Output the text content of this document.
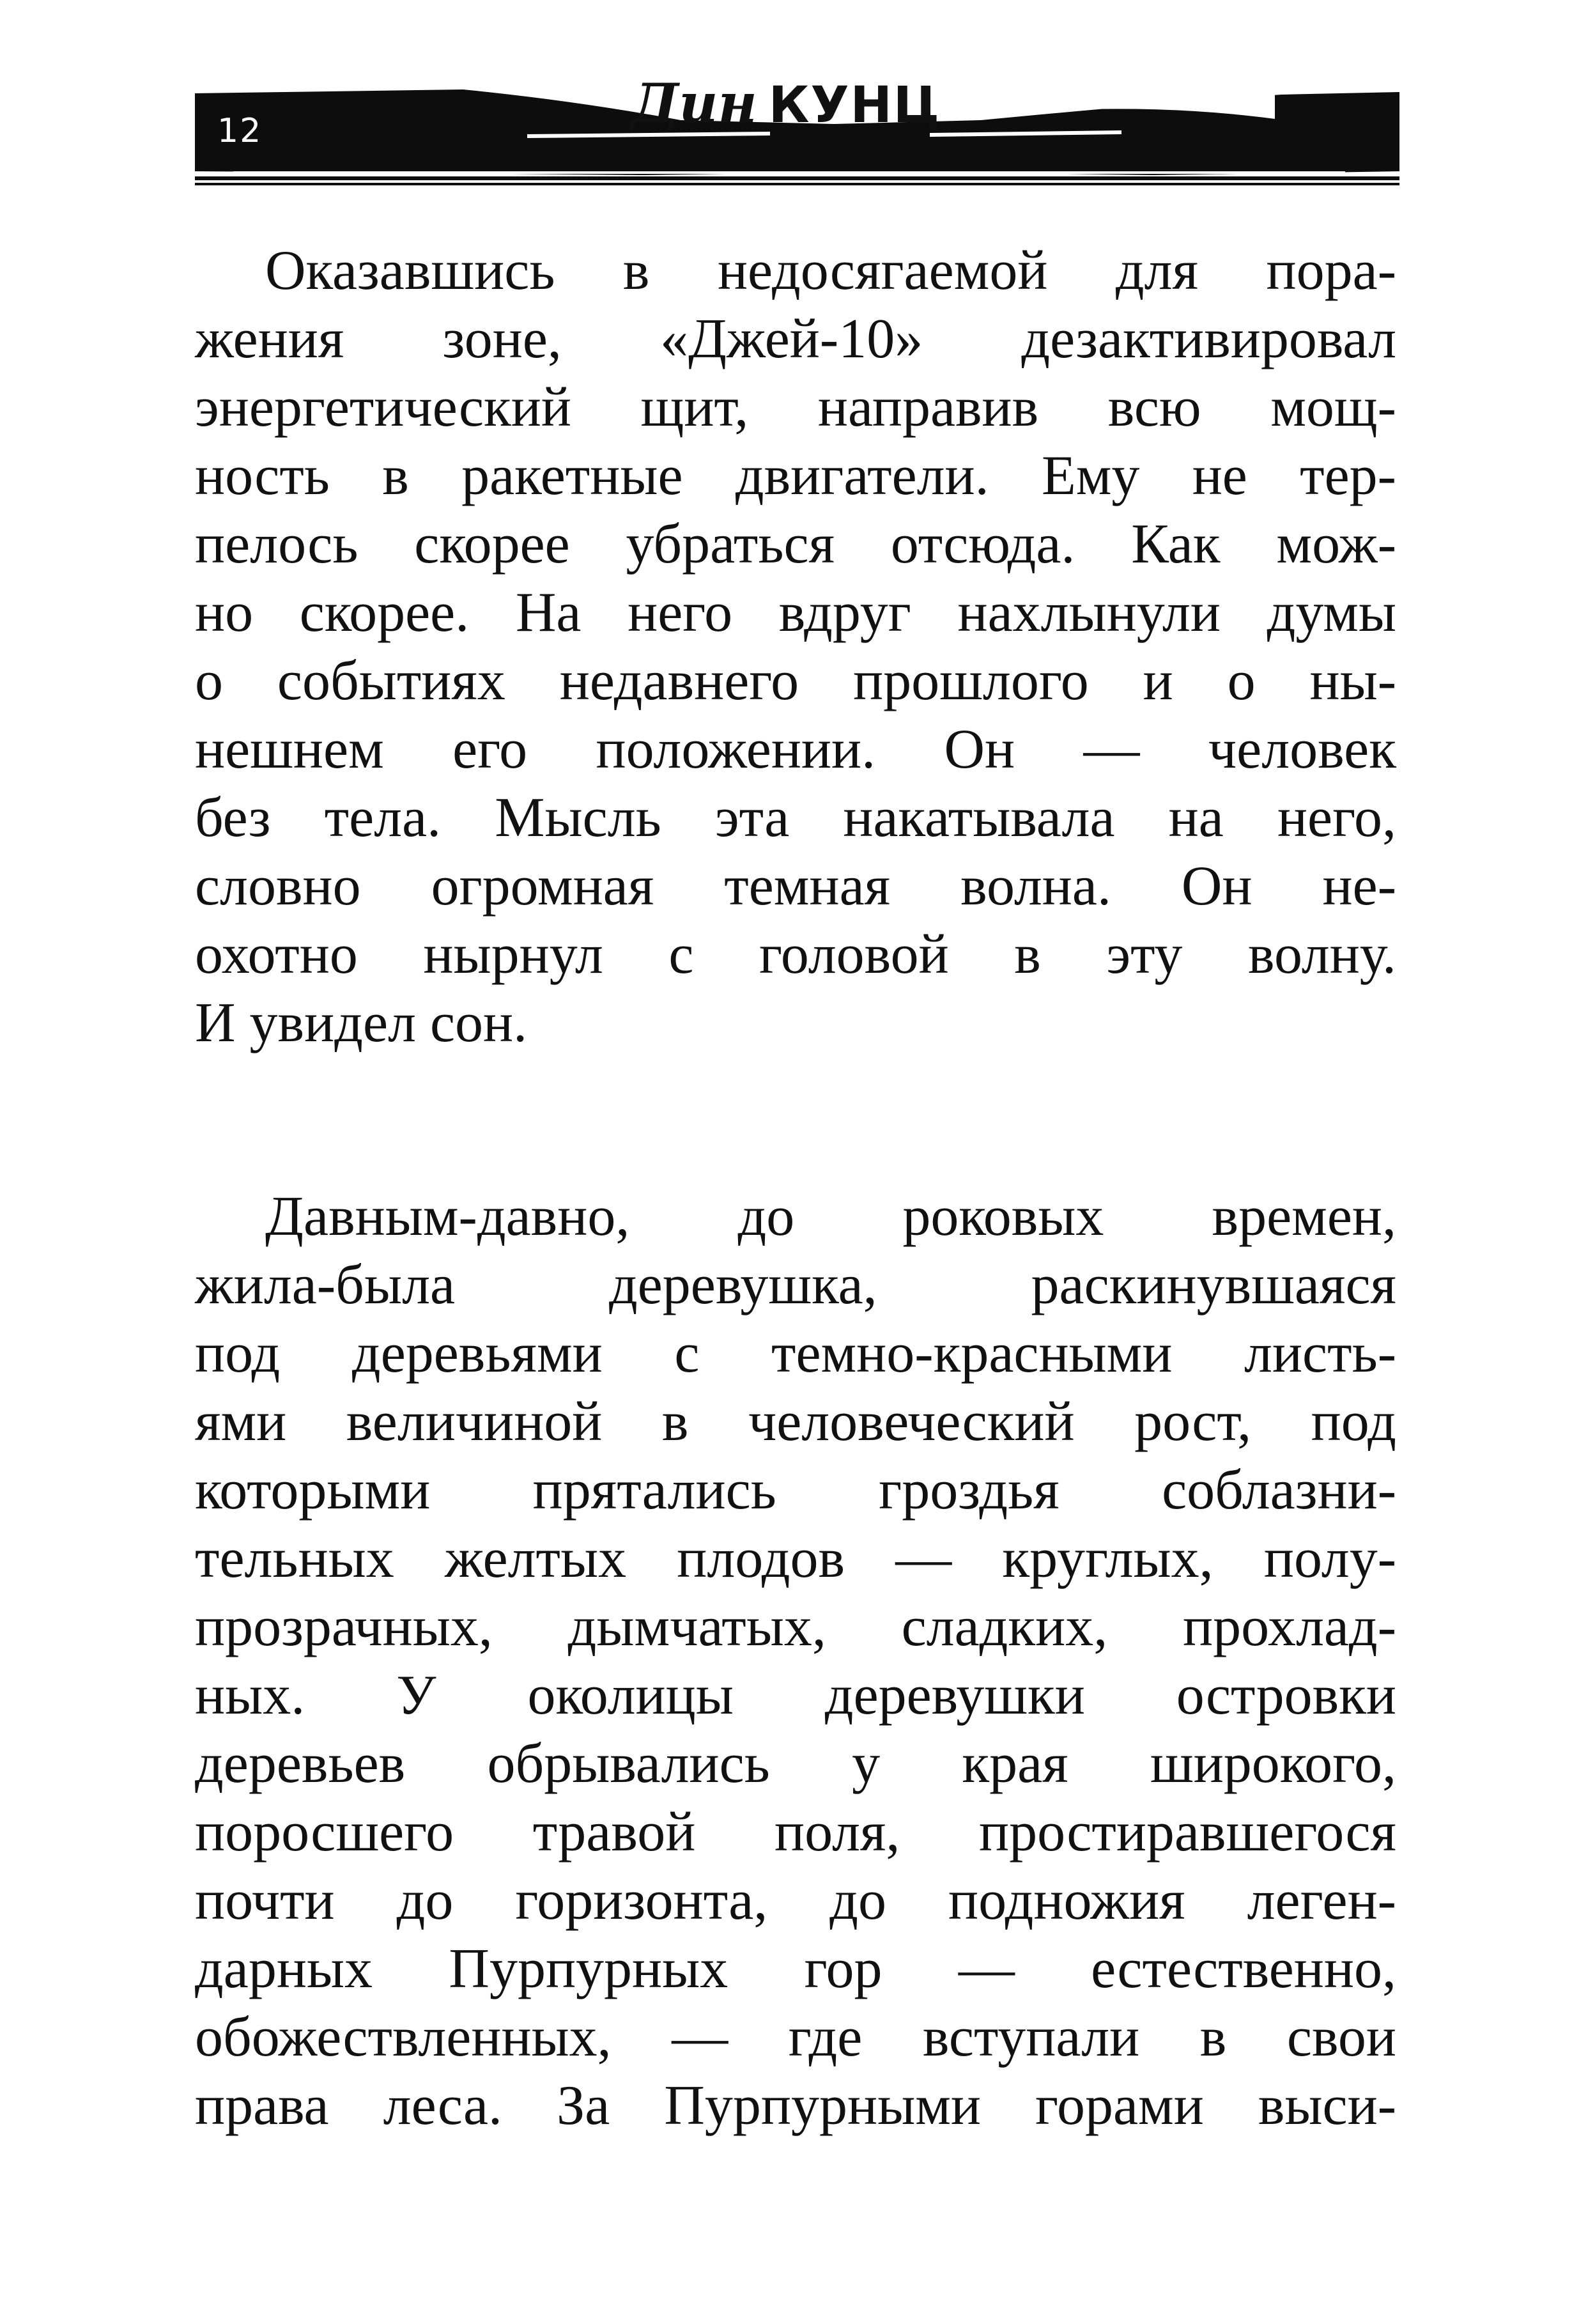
12	Дин КУНЦ
Оказавшись в недосягаемой для пора-
жения зоне, «Джей-10» дезактивировал
энергетический щит, направив всю мощ-
ность в ракетные двигатели. Ему не тер-
пелось скорее убраться отсюда. Как мож-
но скорее. На него вдруг нахлынули думы
о событиях недавнего прошлого и о ны-
нешнем его положении. Он — человек
без тела. Мысль эта накатывала на него,
словно огромная темная волна. Он не-
охотно нырнул с головой в эту волну.
И увидел сон.
Давным-давно, до роковых времен,
жила-была деревушка, раскинувшаяся
под деревьями с темно-красными листь-
ями величиной в человеческий рост, под
которыми прятались гроздья соблазни-
тельных желтых плодов — круглых, полу-
прозрачных, дымчатых, сладких, прохлад-
ных. У околицы деревушки островки
деревьев обрывались у края широкого,
поросшего травой поля, простиравшегося
почти до горизонта, до подножия леген-
дарных Пурпурных гор — естественно,
обожествленных, — где вступали в свои
права леса. За Пурпурными горами выси-
